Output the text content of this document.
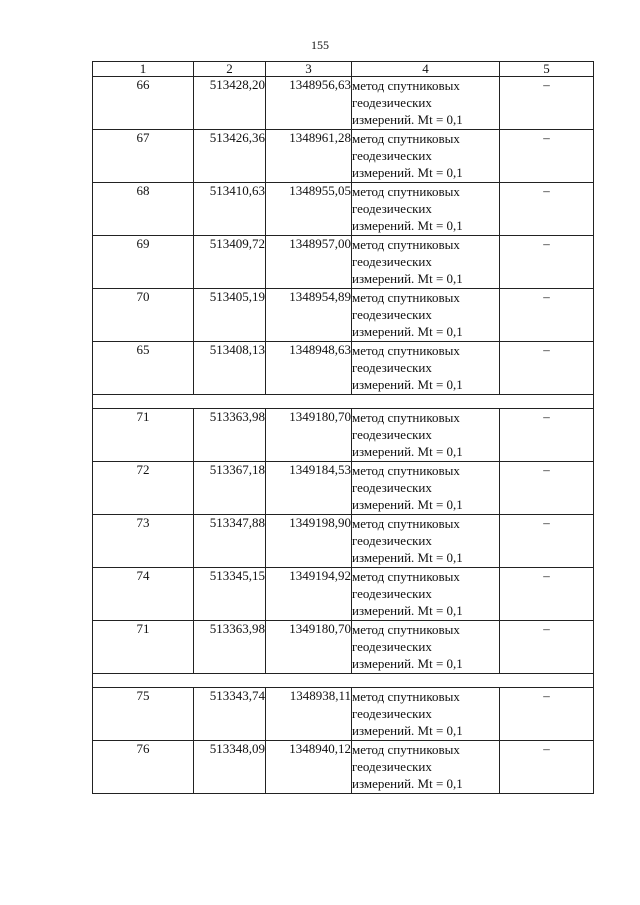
155
1	2	3	4	5
66	513428,20	1348956,63	метод спутниковых
геодезических
измерений. Mt = 0,1	–
67	513426,36	1348961,28	метод спутниковых
геодезических
измерений. Mt = 0,1	–
68	513410,63	1348955,05	метод спутниковых
геодезических
измерений. Mt = 0,1	–
69	513409,72	1348957,00	метод спутниковых
геодезических
измерений. Mt = 0,1	–
70	513405,19	1348954,89	метод спутниковых
геодезических
измерений. Mt = 0,1	–
65	513408,13	1348948,63	метод спутниковых
геодезических
измерений. Mt = 0,1	–

71	513363,98	1349180,70	метод спутниковых
геодезических
измерений. Mt = 0,1	–
72	513367,18	1349184,53	метод спутниковых
геодезических
измерений. Mt = 0,1	–
73	513347,88	1349198,90	метод спутниковых
геодезических
измерений. Mt = 0,1	–
74	513345,15	1349194,92	метод спутниковых
геодезических
измерений. Mt = 0,1	–
71	513363,98	1349180,70	метод спутниковых
геодезических
измерений. Mt = 0,1	–

75	513343,74	1348938,11	метод спутниковых
геодезических
измерений. Mt = 0,1	–
76	513348,09	1348940,12	метод спутниковых
геодезических
измерений. Mt = 0,1	–
